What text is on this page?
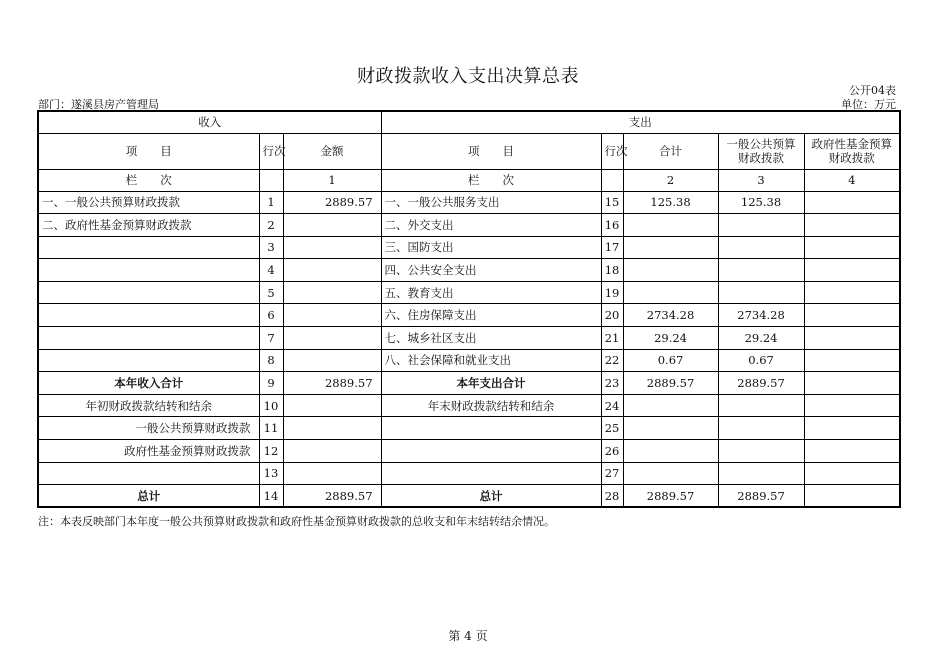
财政拨款收入支出决算总表
公开04表
部门：遂溪县房产管理局	单位：万元
收入			支出				
项　　目	行次	金额	项　　目	行次	合计	一般公共预算财政拨款	政府性基金预算财政拨款
栏　　次		1	栏　　次		2	3	4
一、一般公共预算财政拨款	1	2889.57	一、一般公共服务支出	15	125.38	125.38	
二、政府性基金预算财政拨款	2		二、外交支出	16			
	3		三、国防支出	17			
	4		四、公共安全支出	18			
	5		五、教育支出	19			
	6		六、住房保障支出	20	2734.28	2734.28	
	7		七、城乡社区支出	21	29.24	29.24	
	8		八、社会保障和就业支出	22	0.67	0.67	
本年收入合计	9	2889.57	本年支出合计	23	2889.57	2889.57	
年初财政拨款结转和结余	10		年末财政拨款结转和结余	24			
一般公共预算财政拨款	11			25			
政府性基金预算财政拨款	12			26			
	13			27			
总计	14	2889.57	总计	28	2889.57	2889.57	
注：本表反映部门本年度一般公共预算财政拨款和政府性基金预算财政拨款的总收支和年末结转结余情况。
第 4 页
